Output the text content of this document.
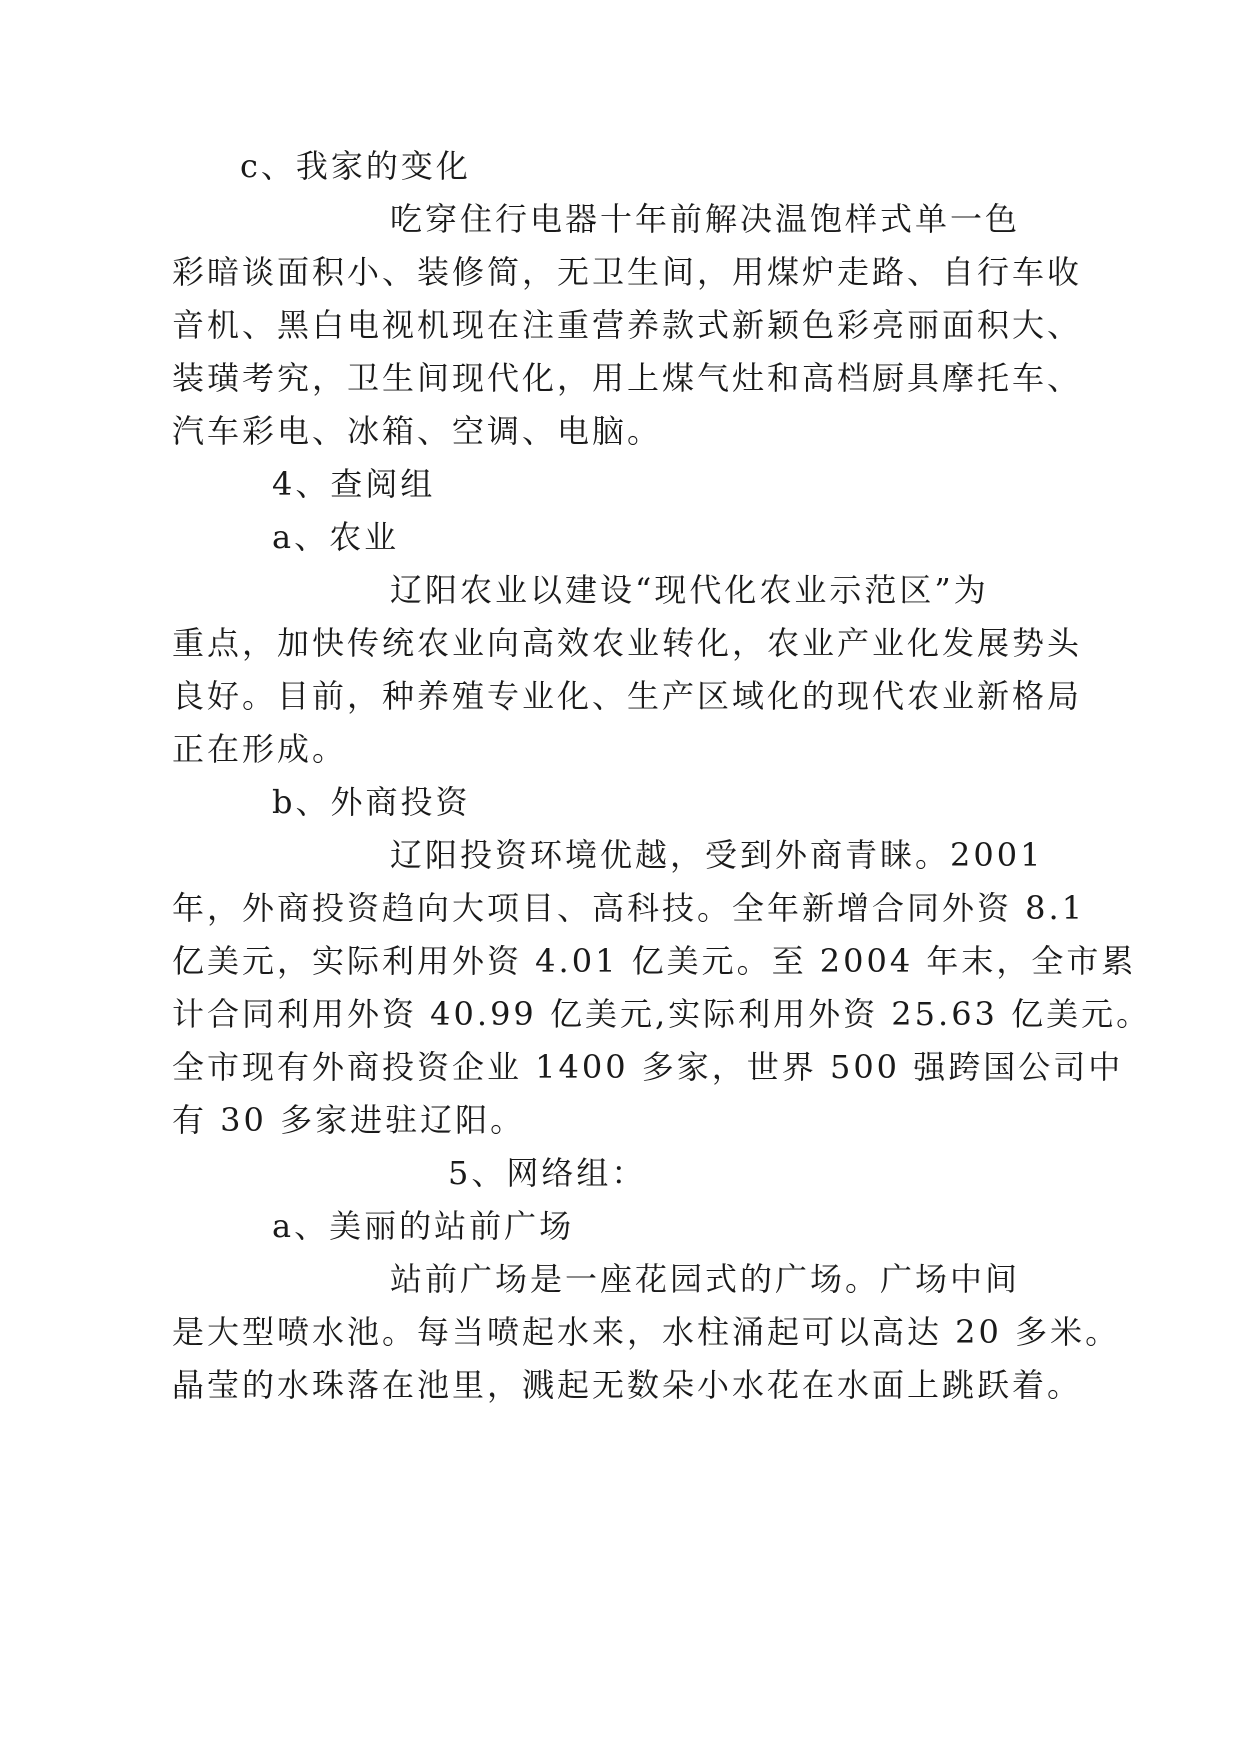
c、我家的变化
吃穿住行电器十年前解决温饱样式单一色
彩暗谈面积小、装修简，无卫生间，用煤炉走路、自行车收
音机、黑白电视机现在注重营养款式新颖色彩亮丽面积大、
装璜考究，卫生间现代化，用上煤气灶和高档厨具摩托车、
汽车彩电、冰箱、空调、电脑。
4、查阅组
a、农业
辽阳农业以建设“现代化农业示范区”为
重点，加快传统农业向高效农业转化，农业产业化发展势头
良好。目前，种养殖专业化、生产区域化的现代农业新格局
正在形成。
b、外商投资
辽阳投资环境优越，受到外商青睐。2001
年，外商投资趋向大项目、高科技。全年新增合同外资 8.1
亿美元，实际利用外资 4.01 亿美元。至 2004 年末，全市累
计合同利用外资 40.99 亿美元,实际利用外资 25.63 亿美元。
全市现有外商投资企业 1400 多家，世界 500 强跨国公司中
有 30 多家进驻辽阳。
5、网络组：
a、美丽的站前广场
站前广场是一座花园式的广场。广场中间
是大型喷水池。每当喷起水来，水柱涌起可以高达 20 多米。
晶莹的水珠落在池里，溅起无数朵小水花在水面上跳跃着。
